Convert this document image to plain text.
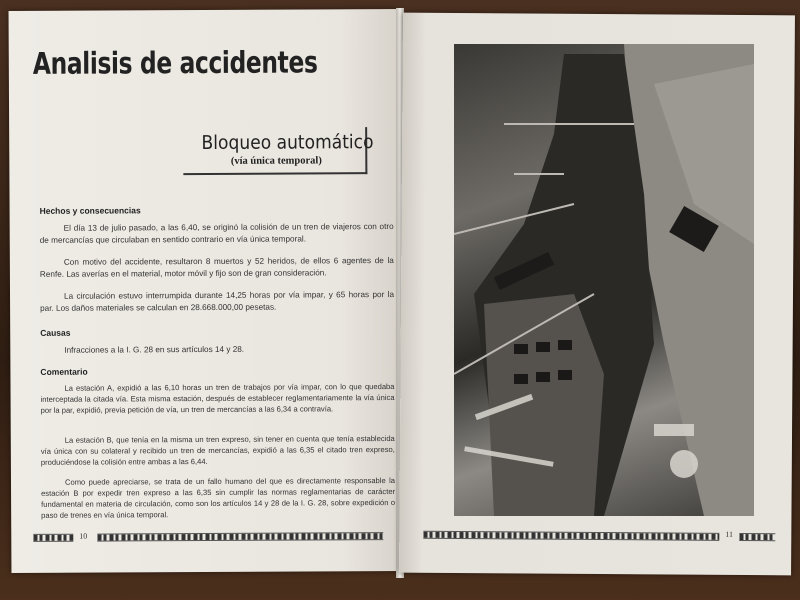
Analisis de accidentes
Bloqueo automático
(vía única temporal)
Hechos y consecuencias
El día 13 de julio pasado, a las 6,40, se originó la colisión de un tren de viajeros con otro de mercancías que circulaban en sentido contrario en vía única temporal.
Con motivo del accidente, resultaron 8 muertos y 52 heridos, de ellos 6 agentes de la Renfe. Las averías en el material, motor móvil y fijo son de gran consideración.
La circulación estuvo interrumpida durante 14,25 horas por vía impar, y 65 horas por la par. Los daños materiales se calculan en 28.668.000,00 pesetas.
Causas
Infracciones a la I. G. 28 en sus artículos 14 y 28.
Comentario
La estación A, expidió a las 6,10 horas un tren de trabajos por vía impar, con lo que quedaba interceptada la citada vía. Esta misma estación, después de establecer reglamentariamente la vía única por la par, expidió, previa petición de vía, un tren de mercancías a las 6,34 a contravía.
La estación B, que tenía en la misma un tren expreso, sin tener en cuenta que tenía establecida vía única con su colateral y recibido un tren de mercancías, expidió a las 6,35 el citado tren expreso, produciéndose la colisión entre ambas a las 6,44.
Como puede apreciarse, se trata de un fallo humano del que es directamente responsable la estación B por expedir tren expreso a las 6,35 sin cumplir las normas reglamentarias de carácter fundamental en materia de circulación, como son los artículos 14 y 28 de la I. G. 28, sobre expedición o paso de trenes en vía única temporal.
10	11
